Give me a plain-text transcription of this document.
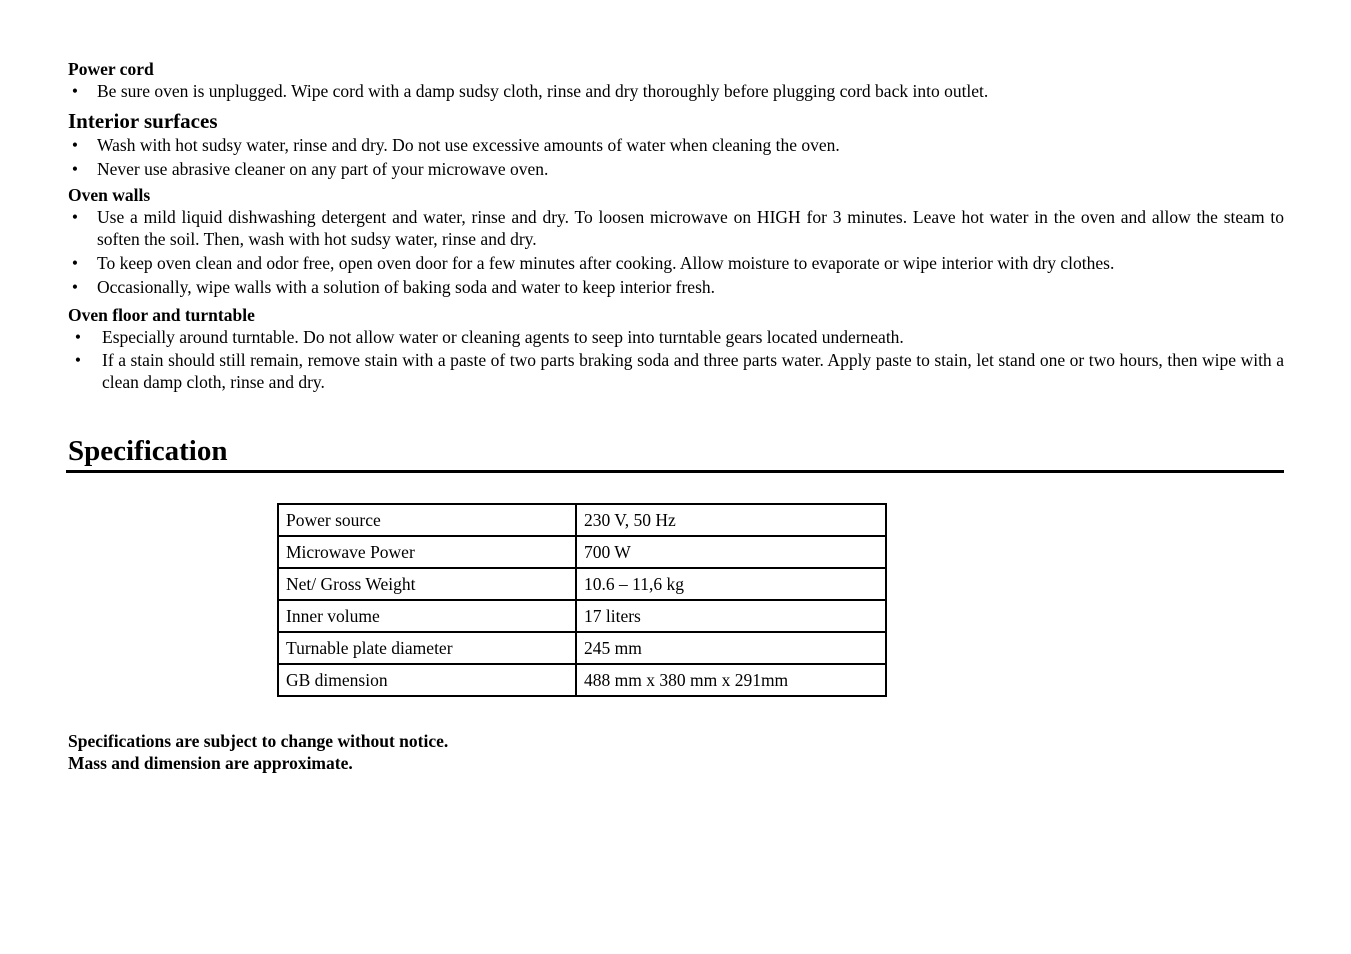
Power cord

• Be sure oven is unplugged. Wipe cord with a damp sudsy cloth, rinse and dry thoroughly before plugging cord back into outlet.

Interior surfaces

• Wash with hot sudsy water, rinse and dry. Do not use excessive amounts of water when cleaning the oven.
• Never use abrasive cleaner on any part of your microwave oven.

Oven walls

• Use a mild liquid dishwashing detergent and water, rinse and dry. To loosen microwave on HIGH for 3 minutes. Leave hot water in the oven and allow the steam to soften the soil. Then, wash with hot sudsy water, rinse and dry.
• To keep oven clean and odor free, open oven door for a few minutes after cooking. Allow moisture to evaporate or wipe interior with dry clothes.
• Occasionally, wipe walls with a solution of baking soda and water to keep interior fresh.

Oven floor and turntable

• Especially around turntable. Do not allow water or cleaning agents to seep into turntable gears located underneath.
• If a stain should still remain, remove stain with a paste of two parts braking soda and three parts water. Apply paste to stain, let stand one or two hours, then wipe with a clean damp cloth, rinse and dry.
Specification
Power source	230 V, 50 Hz
Microwave Power	700 W
Net/ Gross Weight	10.6 – 11,6 kg
Inner volume	17 liters
Turnable plate diameter	245 mm
GB dimension	488 mm x 380 mm x 291mm

Specifications are subject to change without notice.

Mass and dimension are approximate.
